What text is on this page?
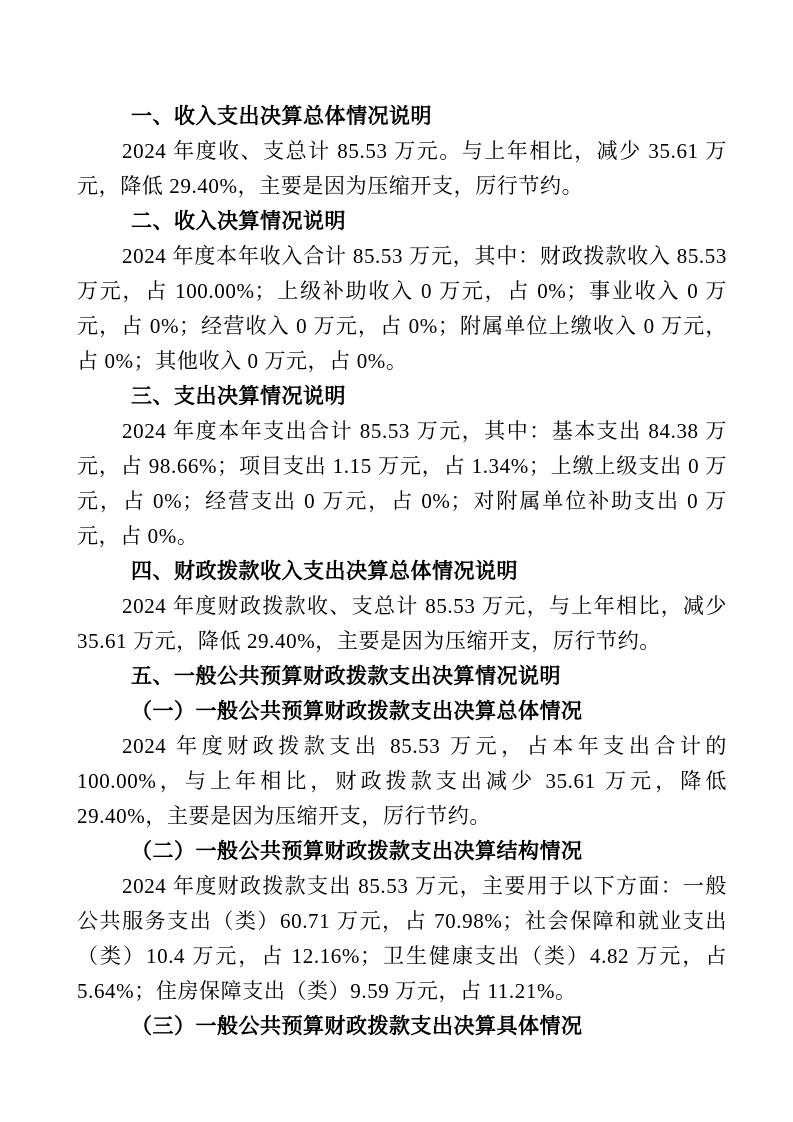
一、收入支出决算总体情况说明
2024 年度收、支总计 85.53 万元。与上年相比，减少 35.61 万元，降低 29.40%，主要是因为压缩开支，厉行节约。
二、收入决算情况说明
2024 年度本年收入合计 85.53 万元，其中：财政拨款收入 85.53 万元，占 100.00%；上级补助收入 0 万元，占 0%；事业收入 0 万元，占 0%；经营收入 0 万元，占 0%；附属单位上缴收入 0 万元，占 0%；其他收入 0 万元，占 0%。
三、支出决算情况说明
2024 年度本年支出合计 85.53 万元，其中：基本支出 84.38 万元，占 98.66%；项目支出 1.15 万元，占 1.34%；上缴上级支出 0 万元，占 0%；经营支出 0 万元，占 0%；对附属单位补助支出 0 万元，占 0%。
四、财政拨款收入支出决算总体情况说明
2024 年度财政拨款收、支总计 85.53 万元，与上年相比，减少 35.61 万元，降低 29.40%，主要是因为压缩开支，厉行节约。
五、一般公共预算财政拨款支出决算情况说明
（一）一般公共预算财政拨款支出决算总体情况
2024 年度财政拨款支出 85.53 万元，占本年支出合计的 100.00%，与上年相比，财政拨款支出减少 35.61 万元，降低 29.40%，主要是因为压缩开支，厉行节约。
（二）一般公共预算财政拨款支出决算结构情况
2024 年度财政拨款支出 85.53 万元，主要用于以下方面：一般公共服务支出（类）60.71 万元，占 70.98%；社会保障和就业支出（类）10.4 万元，占 12.16%；卫生健康支出（类）4.82 万元，占 5.64%；住房保障支出（类）9.59 万元，占 11.21%。
（三）一般公共预算财政拨款支出决算具体情况
